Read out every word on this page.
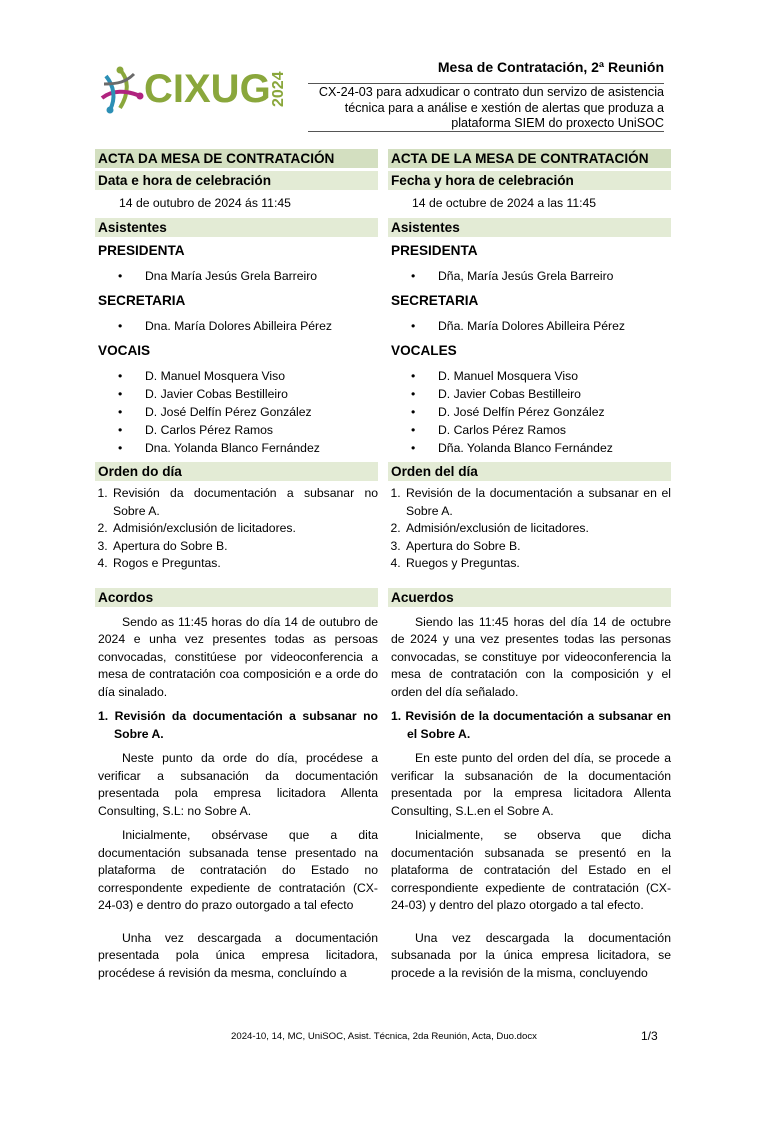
CIXUG 2024
Mesa de Contratación, 2ª Reunión
CX-24-03 para adxudicar o contrato dun servizo de asistencia técnica para a análise e xestión de alertas que produza a plataforma SIEM do proxecto UniSOC
ACTA DA MESA DE CONTRATACIÓN
Data e hora de celebración
14 de outubro de 2024 ás 11:45
Asistentes
PRESIDENTA
• Dna María Jesús Grela Barreiro
SECRETARIA
• Dna. María Dolores Abilleira Pérez
VOCAIS
• D. Manuel Mosquera Viso
• D. Javier Cobas Bestilleiro
• D. José Delfín Pérez González
• D. Carlos Pérez Ramos
• Dna. Yolanda Blanco Fernández
Orden do día
1. Revisión da documentación a subsanar no Sobre A.
2. Admisión/exclusión de licitadores.
3. Apertura do Sobre B.
4. Rogos e Preguntas.
Acordos

Sendo as 11:45 horas do día 14 de outubro de 2024 e unha vez presentes todas as persoas convocadas, constitúese por videoconferencia a mesa de contratación coa composición e a orde do día sinalado.

1. Revisión da documentación a subsanar no Sobre A.

Neste punto da orde do día, procédese a verificar a subsanación da documentación presentada pola empresa licitadora Allenta Consulting, S.L: no Sobre A.

Inicialmente, obsérvase que a dita documentación subsanada tense presentado na plataforma de contratación do Estado no correspondente expediente de contratación (CX-24-03) e dentro do prazo outorgado a tal efecto

Unha vez descargada a documentación presentada pola única empresa licitadora, procédese á revisión da mesma, concluíndo a

ACTA DE LA MESA DE CONTRATACIÓN
Fecha y hora de celebración
14 de octubre de 2024 a las 11:45
Asistentes
PRESIDENTA
• Dña, María Jesús Grela Barreiro
SECRETARIA
• Dña. María Dolores Abilleira Pérez
VOCALES
• D. Manuel Mosquera Viso
• D. Javier Cobas Bestilleiro
• D. José Delfín Pérez González
• D. Carlos Pérez Ramos
• Dña. Yolanda Blanco Fernández
Orden del día
1. Revisión de la documentación a subsanar en el Sobre A.
2. Admisión/exclusión de licitadores.
3. Apertura do Sobre B.
4. Ruegos y Preguntas.
Acuerdos

Siendo las 11:45 horas del día 14 de octubre de 2024 y una vez presentes todas las personas convocadas, se constituye por videoconferencia la mesa de contratación con la composición y el orden del día señalado.

1. Revisión de la documentación a subsanar en el Sobre A.

En este punto del orden del día, se procede a verificar la subsanación de la documentación presentada por la empresa licitadora Allenta Consulting, S.L.en el Sobre A.

Inicialmente, se observa que dicha documentación subsanada se presentó en la plataforma de contratación del Estado en el correspondiente expediente de contratación (CX-24-03) y dentro del plazo otorgado a tal efecto.

Una vez descargada la documentación subsanada por la única empresa licitadora, se procede a la revisión de la misma, concluyendo

2024-10, 14, MC, UniSOC, Asist. Técnica, 2da Reunión, Acta, Duo.docx	1/3
